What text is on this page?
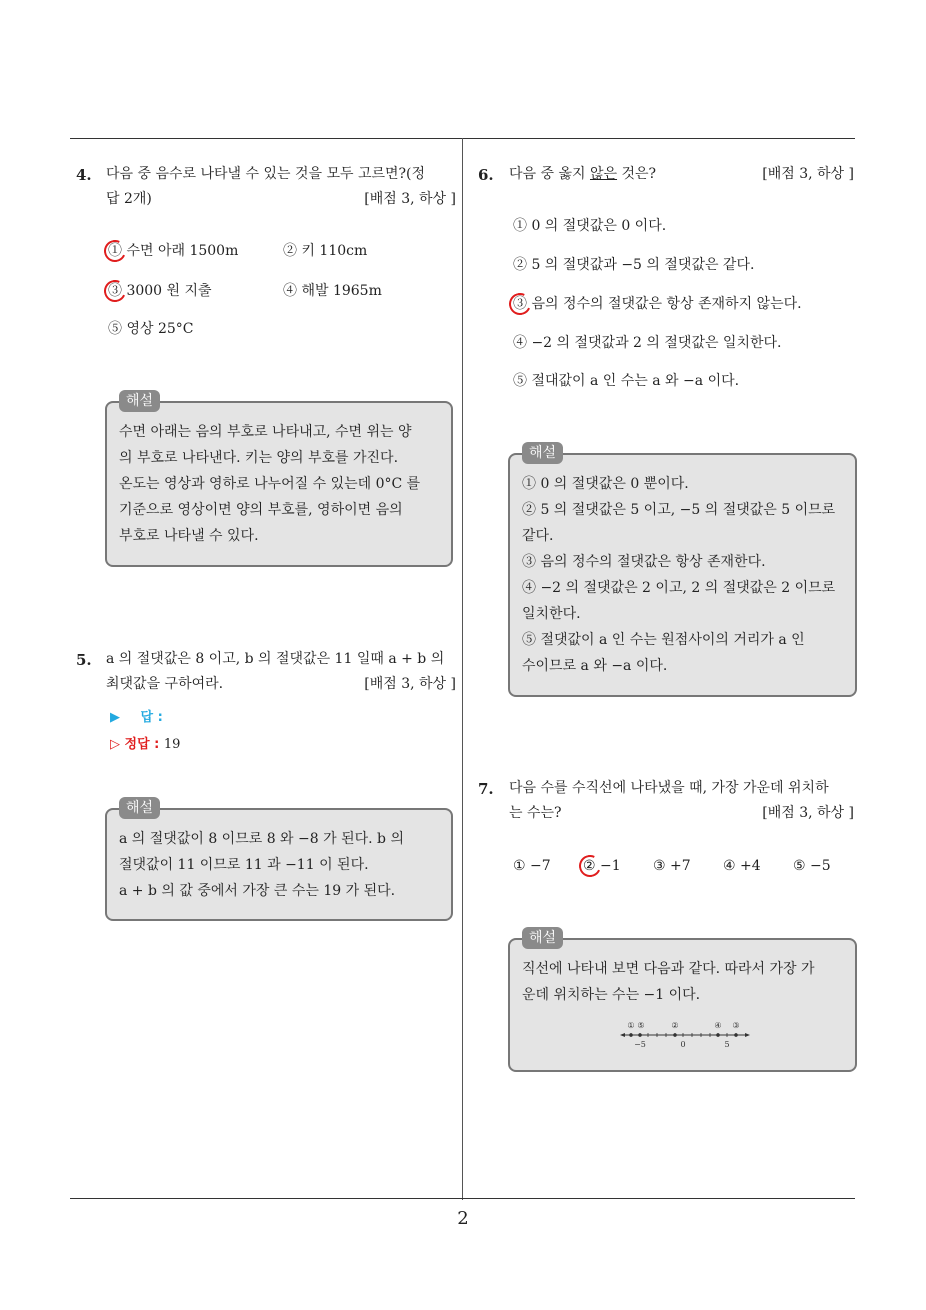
2
4. 다음 중 음수로 나타낼 수 있는 것을 모두 고르면?(정
답 2개)	[배점 3, 하상 ]
① 수면 아래 1500m	② 키 110cm
③ 3000 원 지출	④ 해발 1965m
⑤ 영상 25°C
해설
수면 아래는 음의 부호로 나타내고, 수면 위는 양
의 부호로 나타낸다. 키는 양의 부호를 가진다.
온도는 영상과 영하로 나누어질 수 있는데 0°C 를
기준으로 영상이면 양의 부호를, 영하이면 음의
부호로 나타낼 수 있다.
5. a 의 절댓값은 8 이고, b 의 절댓값은 11 일때 a + b 의
최댓값을 구하여라.	[배점 3, 하상 ]
▶ 답 :
▷ 정답 : 19
해설
a 의 절댓값이 8 이므로 8 와 −8 가 된다. b 의
절댓값이 11 이므로 11 과 −11 이 된다.
a + b 의 값 중에서 가장 큰 수는 19 가 된다.
6. 다음 중 옳지 않은 것은?	[배점 3, 하상 ]
① 0 의 절댓값은 0 이다.
② 5 의 절댓값과 −5 의 절댓값은 같다.
③ 음의 정수의 절댓값은 항상 존재하지 않는다.
④ −2 의 절댓값과 2 의 절댓값은 일치한다.
⑤ 절대값이 a 인 수는 a 와 −a 이다.
해설
① 0 의 절댓값은 0 뿐이다.
② 5 의 절댓값은 5 이고, −5 의 절댓값은 5 이므로
같다.
③ 음의 정수의 절댓값은 항상 존재한다.
④ −2 의 절댓값은 2 이고, 2 의 절댓값은 2 이므로
일치한다.
⑤ 절댓값이 a 인 수는 원점사이의 거리가 a 인
수이므로 a 와 −a 이다.
7. 다음 수를 수직선에 나타냈을 때, 가장 가운데 위치하
는 수는?	[배점 3, 하상 ]
① −7 ② −1 ③ +7 ④ +4 ⑤ −5
해설
직선에 나타내 보면 다음과 같다. 따라서 가장 가
운데 위치하는 수는 −1 이다.
① ⑤	②	④ ③
−5	0	5
